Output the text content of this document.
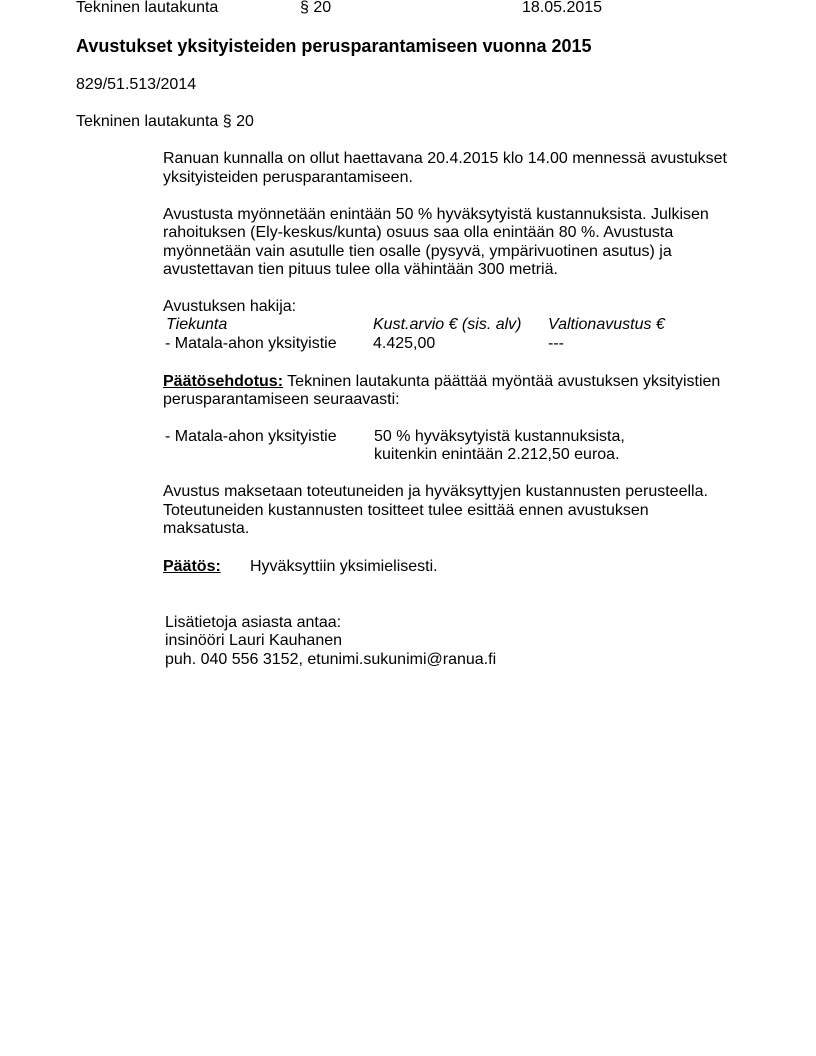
Tekninen lautakunta	§ 20	18.05.2015
Avustukset yksityisteiden perusparantamiseen vuonna 2015
829/51.513/2014
Tekninen lautakunta § 20
Ranuan kunnalla on ollut haettavana 20.4.2015 klo 14.00 mennessä avustukset
yksityisteiden perusparantamiseen.
Avustusta myönnetään enintään 50 % hyväksytyistä kustannuksista. Julkisen
rahoituksen (Ely-keskus/kunta) osuus saa olla enintään 80 %. Avustusta
myönnetään vain asutulle tien osalle (pysyvä, ympärivuotinen asutus) ja
avustettavan tien pituus tulee olla vähintään 300 metriä.
Avustuksen hakija:
Tiekunta	Kust.arvio € (sis. alv) Valtionavustus €
- Matala-ahon yksityistie 4.425,00	---
Päätösehdotus: Tekninen lautakunta päättää myöntää avustuksen yksityistien
perusparantamiseen seuraavasti:
- Matala-ahon yksityistie 50 % hyväksytyistä kustannuksista,
kuitenkin enintään 2.212,50 euroa.
Avustus maksetaan toteutuneiden ja hyväksyttyjen kustannusten perusteella.
Toteutuneiden kustannusten tositteet tulee esittää ennen avustuksen
maksatusta.
Päätös: Hyväksyttiin yksimielisesti.
Lisätietoja asiasta antaa:
insinööri Lauri Kauhanen
puh. 040 556 3152, etunimi.sukunimi@ranua.fi
